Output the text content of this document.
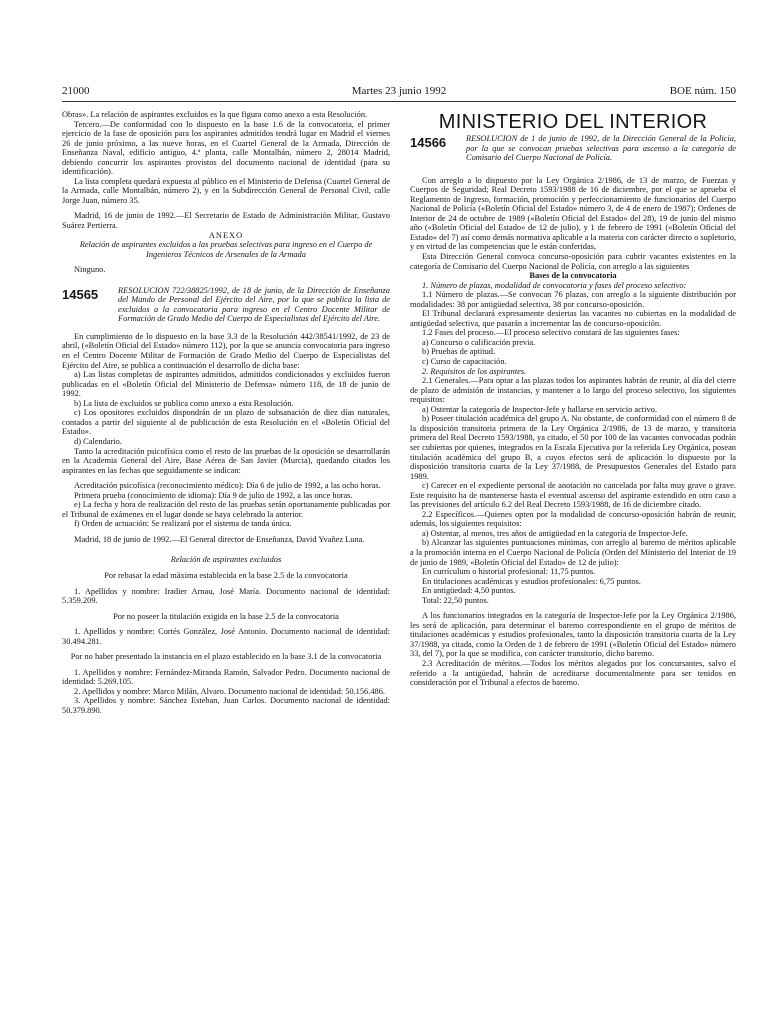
21000	Martes 23 junio 1992	BOE núm. 150

Obras». La relación de aspirantes excluidos es la que figura como anexo a esta Resolución.

Tercero.—De conformidad con lo dispuesto en la base 1.6 de la convocatoria, el primer ejercicio de la fase de oposición para los aspirantes admitidos tendrá lugar en Madrid el viernes 26 de junio próximo, a las nueve horas, en el Cuartel General de la Armada, Dirección de Enseñanza Naval, edificio antiguo, 4.ª planta, calle Montalbán, número 2, 28014 Madrid, debiendo concurrir los aspirantes provistos del documento nacional de identidad (para su identificación).

La lista completa quedará expuesta al público en el Ministerio de Defensa (Cuartel General de la Armada, calle Montalbán, número 2), y en la Subdirección General de Personal Civil, calle Jorge Juan, número 35.

Madrid, 16 de junio de 1992.—El Secretario de Estado de Administración Militar, Gustavo Suárez Pertierra.

ANEXO

Relación de aspirantes excluidos a las pruebas selectivas para ingreso en el Cuerpo de Ingenieros Técnicos de Arsenales de la Armada

Ninguno.

14565	RESOLUCION 722/38825/1992, de 18 de junio, de la Dirección de Enseñanza del Mando de Personal del Ejército del Aire, por la que se publica la lista de excluidos a la convocatoria para ingreso en el Centro Docente Militar de Formación de Grado Medio del Cuerpo de Especialistas del Ejército del Aire.

En cumplimiento de lo dispuesto en la base 3.3 de la Resolución 442/38541/1992, de 23 de abril, («Boletín Oficial del Estado» número 112), por la que se anuncia convocatoria para ingreso en el Centro Docente Militar de Formación de Grado Medio del Cuerpo de Especialistas del Ejército del Aire, se publica a continuación el desarrollo de dicha base:

a) Las listas completas de aspirantes admitidos, admitidos condicionados y excluidos fueron publicadas en el «Boletín Oficial del Ministerio de Defensa» número 118, de 18 de junio de 1992.

b) La lista de excluidos se publica como anexo a esta Resolución.

c) Los opositores excluidos dispondrán de un plazo de subsanación de diez días naturales, contados a partir del siguiente al de publicación de esta Resolución en el «Boletín Oficial del Estado».

d) Calendario.

Tanto la acreditación psicofísica como el resto de las pruebas de la oposición se desarrollarán en la Academia General del Aire, Base Aérea de San Javier (Murcia), quedando citados los aspirantes en las fechas que seguidamente se indican:

Acreditación psicofísica (reconocimiento médico): Día 6 de julio de 1992, a las ocho horas.

Primera prueba (conocimiento de idioma): Día 9 de julio de 1992, a las once horas.

e) La fecha y hora de realización del resto de las pruebas serán oportunamente publicadas por el Tribunal de exámenes en el lugar donde se haya celebrado la anterior.

f) Orden de actuación: Se realizará por el sistema de tanda única.

Madrid, 18 de junio de 1992.—El General director de Enseñanza, David Yvañez Luna.

Relación de aspirantes excluidos

Por rebasar la edad máxima establecida en la base 2.5 de la convocatoria

1. Apellidos y nombre: Iradier Arnau, José María. Documento nacional de identidad: 5.359.209.

Por no poseer la titulación exigida en la base 2.5 de la convocatoria

1. Apellidos y nombre: Cortés González, José Antonio. Documento nacional de identidad: 30.494.281.

Por no haber presentado la instancia en el plazo establecido en la base 3.1 de la convocatoria

1. Apellidos y nombre: Fernández-Miranda Ramón, Salvador Pedro. Documento nacional de identidad: 5.269.105.

2. Apellidos y nombre: Marco Milán, Alvaro. Documento nacional de identidad: 50.156.486.

3. Apellidos y nombre: Sánchez Esteban, Juan Carlos. Documento nacional de identidad: 50.379.890.

MINISTERIO DEL INTERIOR

14566	RESOLUCION de 1 de junio de 1992, de la Dirección General de la Policía, por la que se convocan pruebas selectivas para ascenso a la categoría de Comisario del Cuerpo Nacional de Policía.

Con arreglo a lo dispuesto por la Ley Orgánica 2/1986, de 13 de marzo, de Fuerzas y Cuerpos de Seguridad; Real Decreto 1593/1988 de 16 de diciembre, por el que se aprueba el Reglamento de Ingreso, formación, promoción y perfeccionamiento de funcionarios del Cuerpo Nacional de Policía («Boletín Oficial del Estado» número 3, de 4 de enero de 1987); Ordenes de Interior de 24 de octubre de 1989 («Boletín Oficial del Estado» del 28), 19 de junio del mismo año («Boletín Oficial del Estado» de 12 de julio), y 1 de febrero de 1991 («Boletín Oficial del Estado» del 7) así como demás normativa aplicable a la materia con carácter directo o supletorio, y en virtud de las competencias que le están conferidas,

Esta Dirección General convoca concurso-oposición para cubrir vacantes existentes en la categoría de Comisario del Cuerpo Nacional de Policía, con arreglo a las siguientes

Bases de la convocatoria

1. Número de plazas, modalidad de convocatoria y fases del proceso selectivo:

1.1 Número de plazas.—Se convocan 76 plazas, con arreglo a la siguiente distribución por modalidades: 38 por antigüedad selectiva, 38 por concurso-oposición.

El Tribunal declarará expresamente desiertas las vacantes no cubiertas en la modalidad de antigüedad selectiva, que pasarán a incrementar las de concurso-oposición.

1.2 Fases del proceso.—El proceso selectivo constará de las siguientes fases:

a) Concurso o calificación previa.

b) Pruebas de aptitud.

c) Curso de capacitación.

2. Requisitos de los aspirantes.

2.1 Generales.—Para optar a las plazas todos los aspirantes habrán de reunir, al día del cierre de plazo de admisión de instancias, y mantener a lo largo del proceso selectivo, los siguientes requisitos:

a) Ostentar la categoría de Inspector-Jefe y hallarse en servicio activo.

b) Poseer titulación académica del grupo A. No obstante, de conformidad con el número 8 de la disposición transitoria primera de la Ley Orgánica 2/1986, de 13 de marzo, y transitoria primera del Real Decreto 1593/1988, ya citado, el 50 por 100 de las vacantes convocadas podrán ser cubiertas por quienes, integrados en la Escala Ejecutiva por la referida Ley Orgánica, posean titulación académica del grupo B, a cuyos efectos será de aplicación lo dispuesto por la disposición transitoria cuarta de la Ley 37/1988, de Presupuestos Generales del Estado para 1989.

c) Carecer en el expediente personal de anotación no cancelada por falta muy grave o grave. Este requisito ha de mantenerse hasta el eventual ascenso del aspirante extendido en otro caso a las previsiones del artículo 6.2 del Real Decreto 1593/1988, de 16 de diciembre citado.

2.2 Específicos.—Quienes opten por la modalidad de concurso-oposición habrán de reunir, además, los siguientes requisitos:

a) Ostentar, al menos, tres años de antigüedad en la categoría de Inspector-Jefe.

b) Alcanzar las siguientes puntuaciones mínimas, con arreglo al baremo de méritos aplicable a la promoción interna en el Cuerpo Nacional de Policía (Orden del Ministerio del Interior de 19 de junio de 1989, «Boletín Oficial del Estado» de 12 de julio):

En currículum o historial profesional: 11,75 puntos.

En titulaciones académicas y estudios profesionales: 6,75 puntos.

En antigüedad: 4,50 puntos.

Total: 22,50 puntos.

A los funcionarios integrados en la categoría de Inspector-Jefe por la Ley Orgánica 2/1986, les será de aplicación, para determinar el baremo correspondiente en el grupo de méritos de titulaciones académicas y estudios profesionales, tanto la disposición transitoria cuarta de la Ley 37/1988, ya citada, como la Orden de 1 de febrero de 1991 («Boletín Oficial del Estado» número 33, del 7), por la que se modifica, con carácter transitorio, dicho baremo.

2.3 Acreditación de méritos.—Todos los méritos alegados por los concursantes, salvo el referido a la antigüedad, habrán de acreditarse documentalmente para ser tenidos en consideración por el Tribunal a efectos de baremo.
